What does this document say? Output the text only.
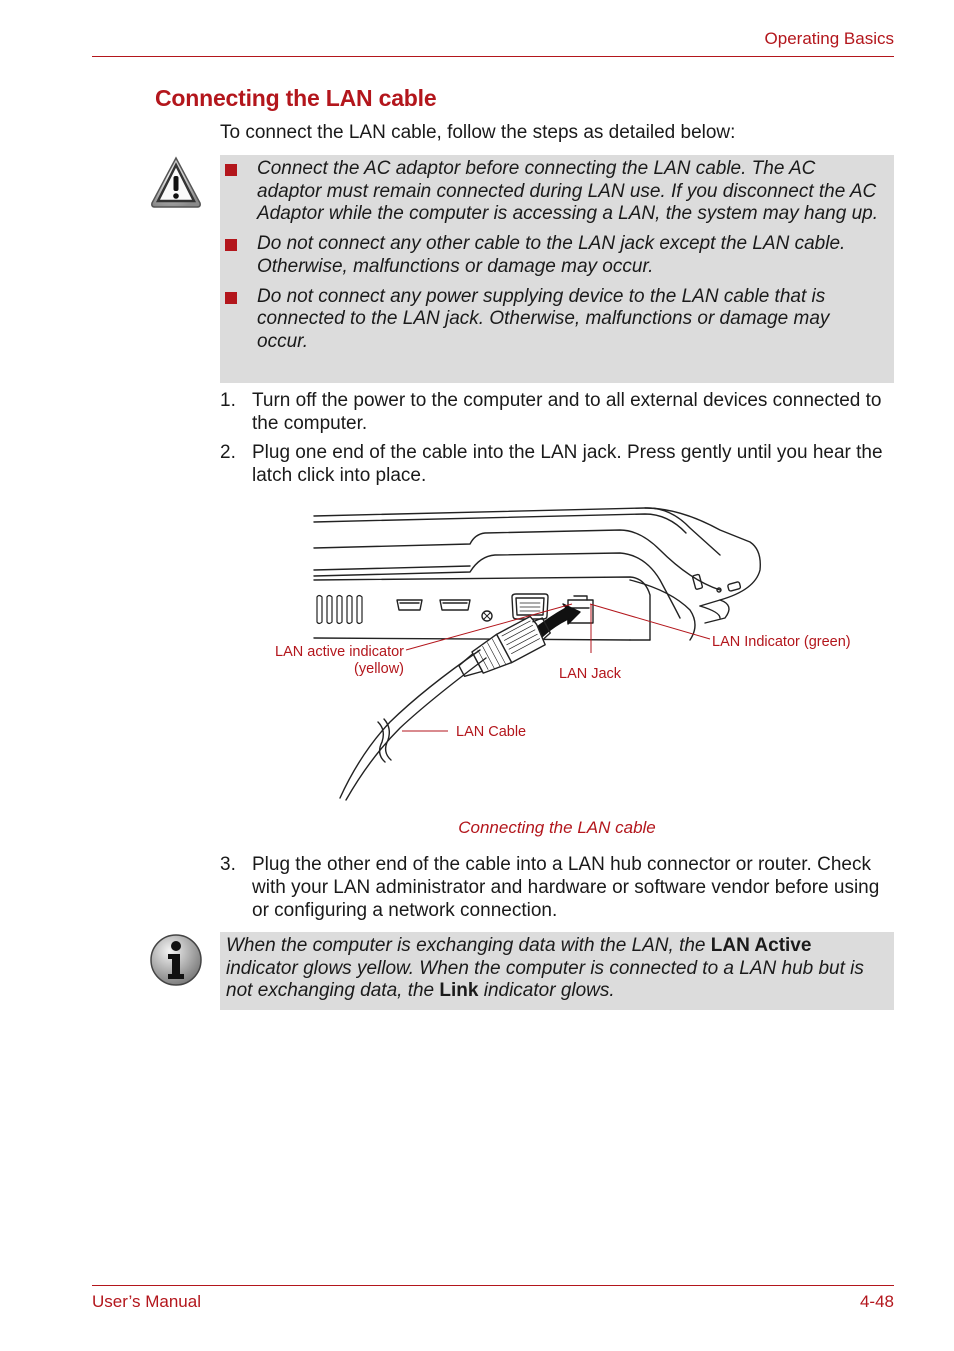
Operating Basics
Connecting the LAN cable
To connect the LAN cable, follow the steps as detailed below:
Connect the AC adaptor before connecting the LAN cable. The AC adaptor must remain connected during LAN use. If you disconnect the AC Adaptor while the computer is accessing a LAN, the system may hang up.
Do not connect any other cable to the LAN jack except the LAN cable. Otherwise, malfunctions or damage may occur.
Do not connect any power supplying device to the LAN cable that is connected to the LAN jack. Otherwise, malfunctions or damage may occur.
1. Turn off the power to the computer and to all external devices connected to the computer.
2. Plug one end of the cable into the LAN jack. Press gently until you hear the latch click into place.
LAN active indicator
(yellow)	LAN Jack
LAN Indicator (green)
LAN Cable
Connecting the LAN cable
3. Plug the other end of the cable into a LAN hub connector or router. Check with your LAN administrator and hardware or software vendor before using or configuring a network connection.
When the computer is exchanging data with the LAN, the LAN Active indicator glows yellow. When the computer is connected to a LAN hub but is not exchanging data, the Link indicator glows.
User’s Manual	4-48
